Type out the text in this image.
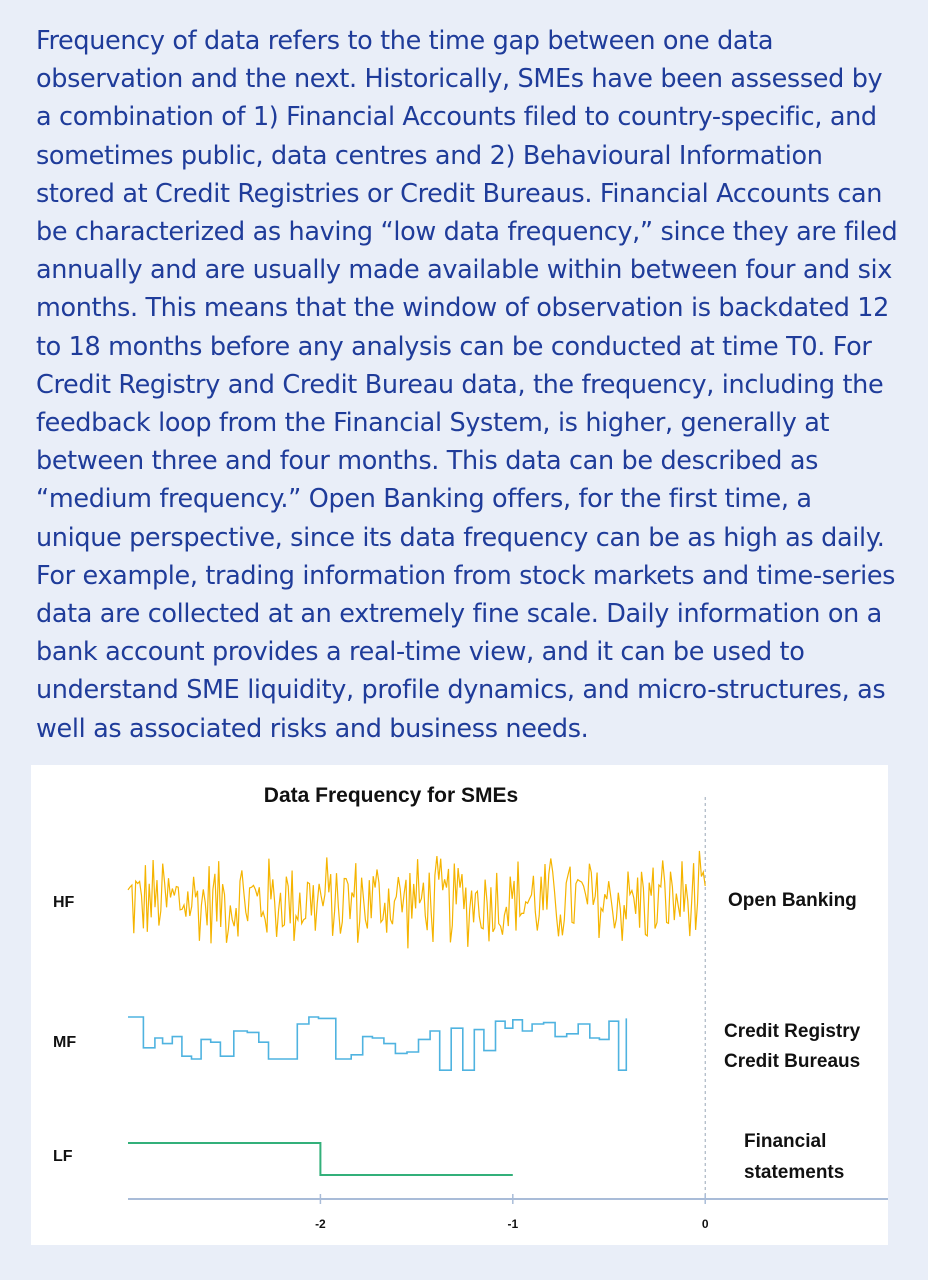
Frequency of data refers to the time gap between one data observation and the next. Historically, SMEs have been assessed by a combination of 1) Financial Accounts filed to country-specific, and sometimes public, data centres and 2) Behavioural Information stored at Credit Registries or Credit Bureaus. Financial Accounts can be characterized as having “low data frequency,” since they are filed annually and are usually made available within between four and six months. This means that the window of observation is backdated 12 to 18 months before any analysis can be conducted at time T0. For Credit Registry and Credit Bureau data, the frequency, including the feedback loop from the Financial System, is higher, generally at between three and four months. This data can be described as “medium frequency.” Open Banking offers, for the first time, a unique perspective, since its data frequency can be as high as daily. For example, trading information from stock markets and time-series data are collected at an extremely fine scale. Daily information on a bank account provides a real-time view, and it can be used to understand SME liquidity, profile dynamics, and micro-structures, as well as associated risks and business needs.

Data Frequency for SMEs
-2	-1	0
HF	Open Banking
MF
Credit Registry
Credit Bureaus
LF
Financial
statements
